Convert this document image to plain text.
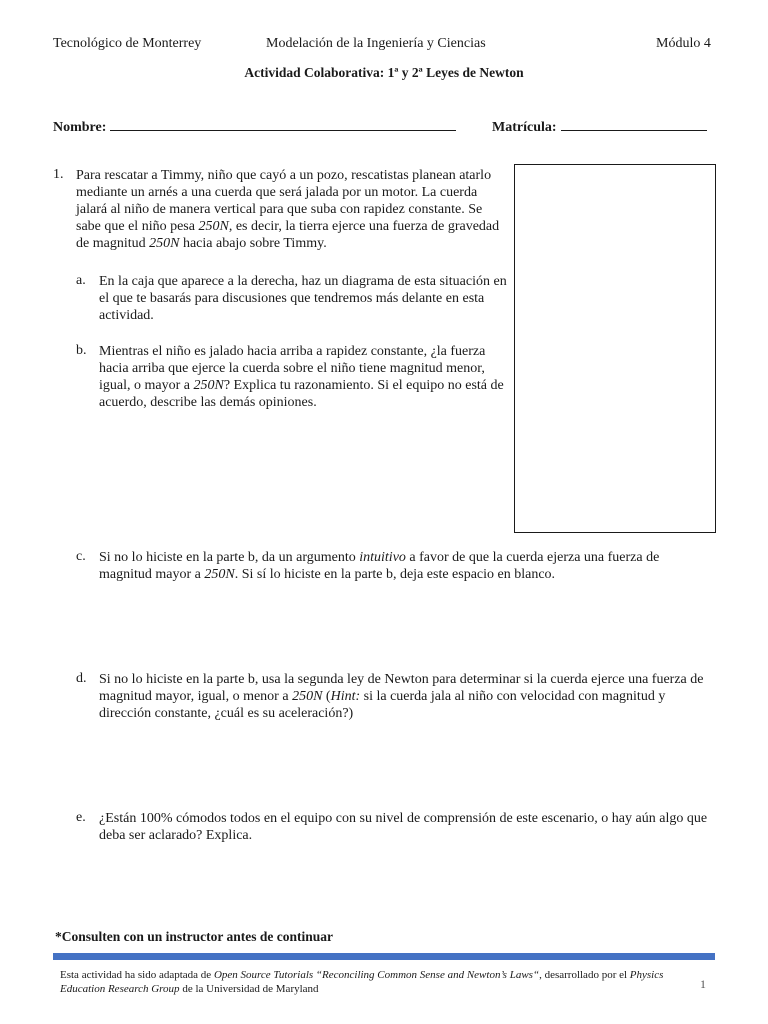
Tecnológico de Monterrey	Modelación de la Ingeniería y Ciencias	Módulo 4
Actividad Colaborativa: 1ª y 2ª Leyes de Newton
Nombre:	Matrícula:
1. Para rescatar a Timmy, niño que cayó a un pozo, rescatistas planean atarlo mediante un arnés a una cuerda que será jalada por un motor. La cuerda jalará al niño de manera vertical para que suba con rapidez constante. Se sabe que el niño pesa 250N, es decir, la tierra ejerce una fuerza de gravedad de magnitud 250N hacia abajo sobre Timmy.
a. En la caja que aparece a la derecha, haz un diagrama de esta situación en el que te basarás para discusiones que tendremos más delante en esta actividad.
b. Mientras el niño es jalado hacia arriba a rapidez constante, ¿la fuerza hacia arriba que ejerce la cuerda sobre el niño tiene magnitud menor, igual, o mayor a 250N? Explica tu razonamiento. Si el equipo no está de acuerdo, describe las demás opiniones.
c. Si no lo hiciste en la parte b, da un argumento intuitivo a favor de que la cuerda ejerza una fuerza de magnitud mayor a 250N. Si sí lo hiciste en la parte b, deja este espacio en blanco.
d. Si no lo hiciste en la parte b, usa la segunda ley de Newton para determinar si la cuerda ejerce una fuerza de magnitud mayor, igual, o menor a 250N (Hint: si la cuerda jala al niño con velocidad con magnitud y dirección constante, ¿cuál es su aceleración?)
e. ¿Están 100% cómodos todos en el equipo con su nivel de comprensión de este escenario, o hay aún algo que deba ser aclarado? Explica.
*Consulten con un instructor antes de continuar
Esta actividad ha sido adaptada de Open Source Tutorials “Reconciling Common Sense and Newton’s Laws“, desarrollado por el Physics Education Research Group de la Universidad de Maryland	1
